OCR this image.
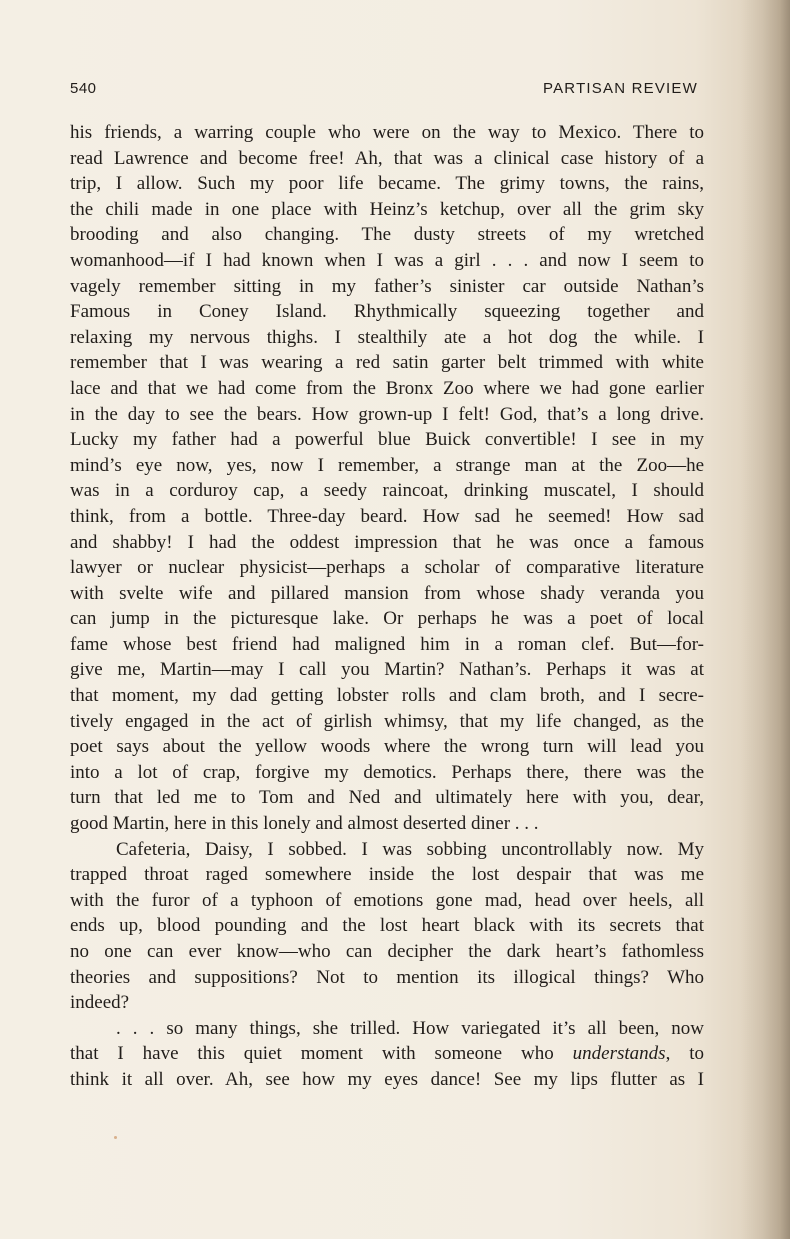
540	PARTISAN REVIEW
his friends, a warring couple who were on the way to Mexico. There to
read Lawrence and become free! Ah, that was a clinical case history of a
trip, I allow. Such my poor life became. The grimy towns, the rains,
the chili made in one place with Heinz’s ketchup, over all the grim sky
brooding and also changing. The dusty streets of my wretched
womanhood—if I had known when I was a girl . . . and now I seem to
vagely remember sitting in my father’s sinister car outside Nathan’s
Famous in Coney Island. Rhythmically squeezing together and
relaxing my nervous thighs. I stealthily ate a hot dog the while. I
remember that I was wearing a red satin garter belt trimmed with white
lace and that we had come from the Bronx Zoo where we had gone earlier
in the day to see the bears. How grown-up I felt! God, that’s a long drive.
Lucky my father had a powerful blue Buick convertible! I see in my
mind’s eye now, yes, now I remember, a strange man at the Zoo—he
was in a corduroy cap, a seedy raincoat, drinking muscatel, I should
think, from a bottle. Three-day beard. How sad he seemed! How sad
and shabby! I had the oddest impression that he was once a famous
lawyer or nuclear physicist—perhaps a scholar of comparative literature
with svelte wife and pillared mansion from whose shady veranda you
can jump in the picturesque lake. Or perhaps he was a poet of local
fame whose best friend had maligned him in a roman clef. But—for-
give me, Martin—may I call you Martin? Nathan’s. Perhaps it was at
that moment, my dad getting lobster rolls and clam broth, and I secre-
tively engaged in the act of girlish whimsy, that my life changed, as the
poet says about the yellow woods where the wrong turn will lead you
into a lot of crap, forgive my demotics. Perhaps there, there was the
turn that led me to Tom and Ned and ultimately here with you, dear,
good Martin, here in this lonely and almost deserted diner . . .
Cafeteria, Daisy, I sobbed. I was sobbing uncontrollably now. My
trapped throat raged somewhere inside the lost despair that was me
with the furor of a typhoon of emotions gone mad, head over heels, all
ends up, blood pounding and the lost heart black with its secrets that
no one can ever know—who can decipher the dark heart’s fathomless
theories and suppositions? Not to mention its illogical things? Who
indeed?
. . . so many things, she trilled. How variegated it’s all been, now
that I have this quiet moment with someone who understands, to
think it all over. Ah, see how my eyes dance! See my lips flutter as I
